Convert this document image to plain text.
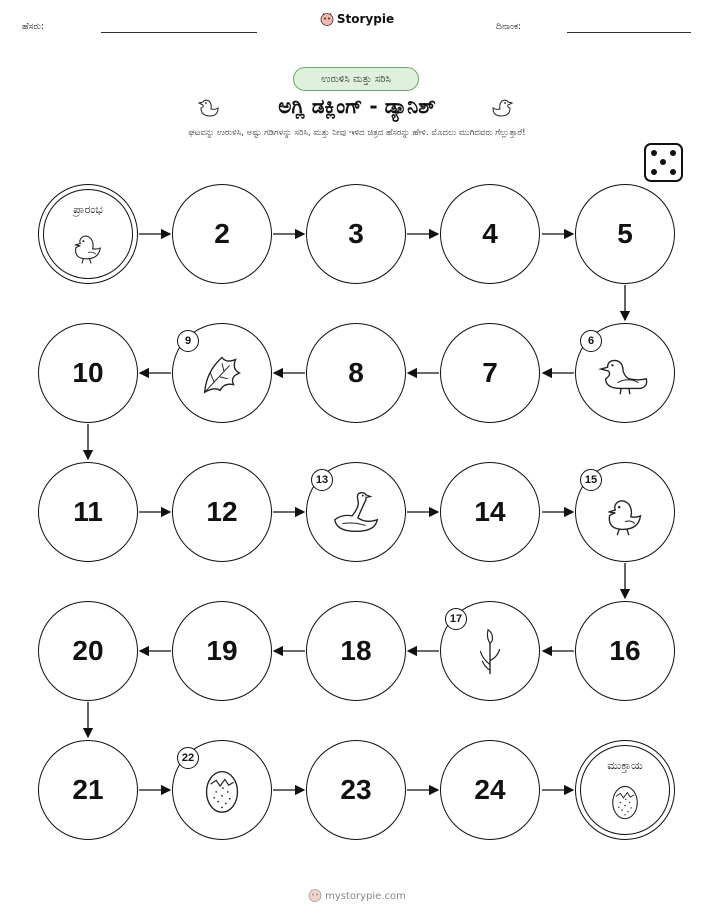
ಹೆಸರು:
Storypie
ದಿನಾಂಕ:
ಉರುಳಿಸಿ ಮತ್ತು ಸರಿಸಿ
ಅಗ್ಲಿ ಡಕ್ಲಿಂಗ್ - ಡ್ಯಾನಿಶ್
ಘಟವನ್ನು ಉರುಳಿಸಿ, ಅಷ್ಟು ಗಡಿಗಳನ್ನು ಸರಿಸಿ, ಮತ್ತು ನೀವು ಇಳಿದ ಚಿತ್ರದ ಹೆಸರನ್ನು ಹೇಳಿ. ಮೊದಲು ಮುಗಿದವರು ಗೆಲ್ಲುತ್ತಾರೆ!
ಪ್ರಾರಂಭ
2	3	4	5
6
7
8
9
10
11	12
13
14
15
16
17
18
19
20
21
22
23	24
ಮುಕ್ತಾಯ
mystorypie.com
